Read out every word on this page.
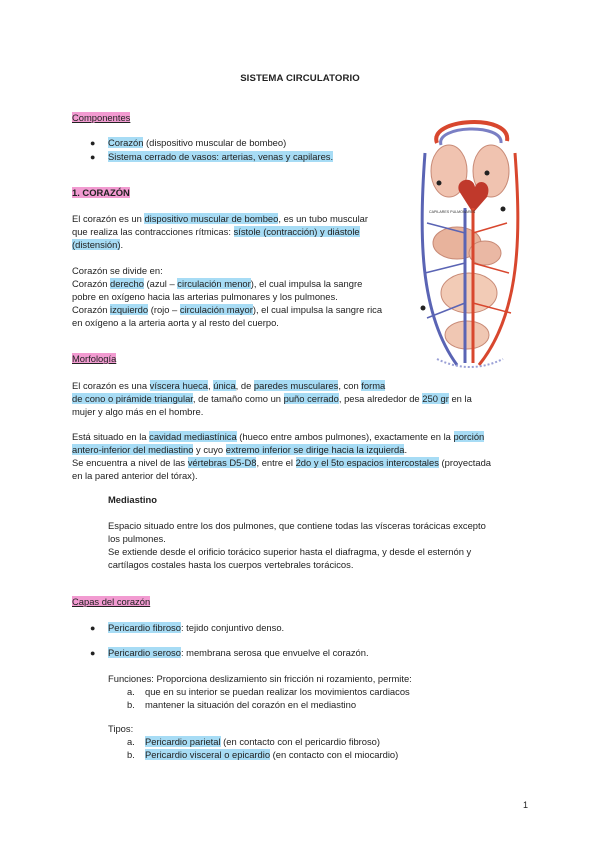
SISTEMA CIRCULATORIO
Componentes
● Corazón (dispositivo muscular de bombeo)
● Sistema cerrado de vasos: arterias, venas y capilares.
1. CORAZÓN
El corazón es un dispositivo muscular de bombeo, es un tubo muscular
que realiza las contracciones rítmicas: sístole (contracción) y diástole
(distensión).
Corazón se divide en:
Corazón derecho (azul – circulación menor), el cual impulsa la sangre
pobre en oxígeno hacia las arterias pulmonares y los pulmones.
Corazón izquierdo (rojo – circulación mayor), el cual impulsa la sangre rica
en oxígeno a la arteria aorta y al resto del cuerpo.
Morfología
El corazón es una víscera hueca, única, de paredes musculares, con forma
de cono o pirámide triangular, de tamaño como un puño cerrado, pesa alrededor de 250 gr en la
mujer y algo más en el hombre.
Está situado en la cavidad mediastínica (hueco entre ambos pulmones), exactamente en la porción
antero-inferior del mediastino y cuyo extremo inferior se dirige hacia la izquierda.
Se encuentra a nivel de las vértebras D5-D8, entre el 2do y el 5to espacios intercostales (proyectada
en la pared anterior del tórax).
Mediastino
Espacio situado entre los dos pulmones, que contiene todas las vísceras torácicas excepto
los pulmones.
Se extiende desde el orificio torácico superior hasta el diafragma, y desde el esternón y
cartílagos costales hasta los cuerpos vertebrales torácicos.
Capas del corazón
● Pericardio fibroso: tejido conjuntivo denso.
● Pericardio seroso: membrana serosa que envuelve el corazón.
Funciones: Proporciona deslizamiento sin fricción ni rozamiento, permite:
a. que en su interior se puedan realizar los movimientos cardiacos
b. mantener la situación del corazón en el mediastino
Tipos:
a. Pericardio parietal (en contacto con el pericardio fibroso)
b. Pericardio visceral o epicardio (en contacto con el miocardio)
1
CAPILARES PULMONARES
